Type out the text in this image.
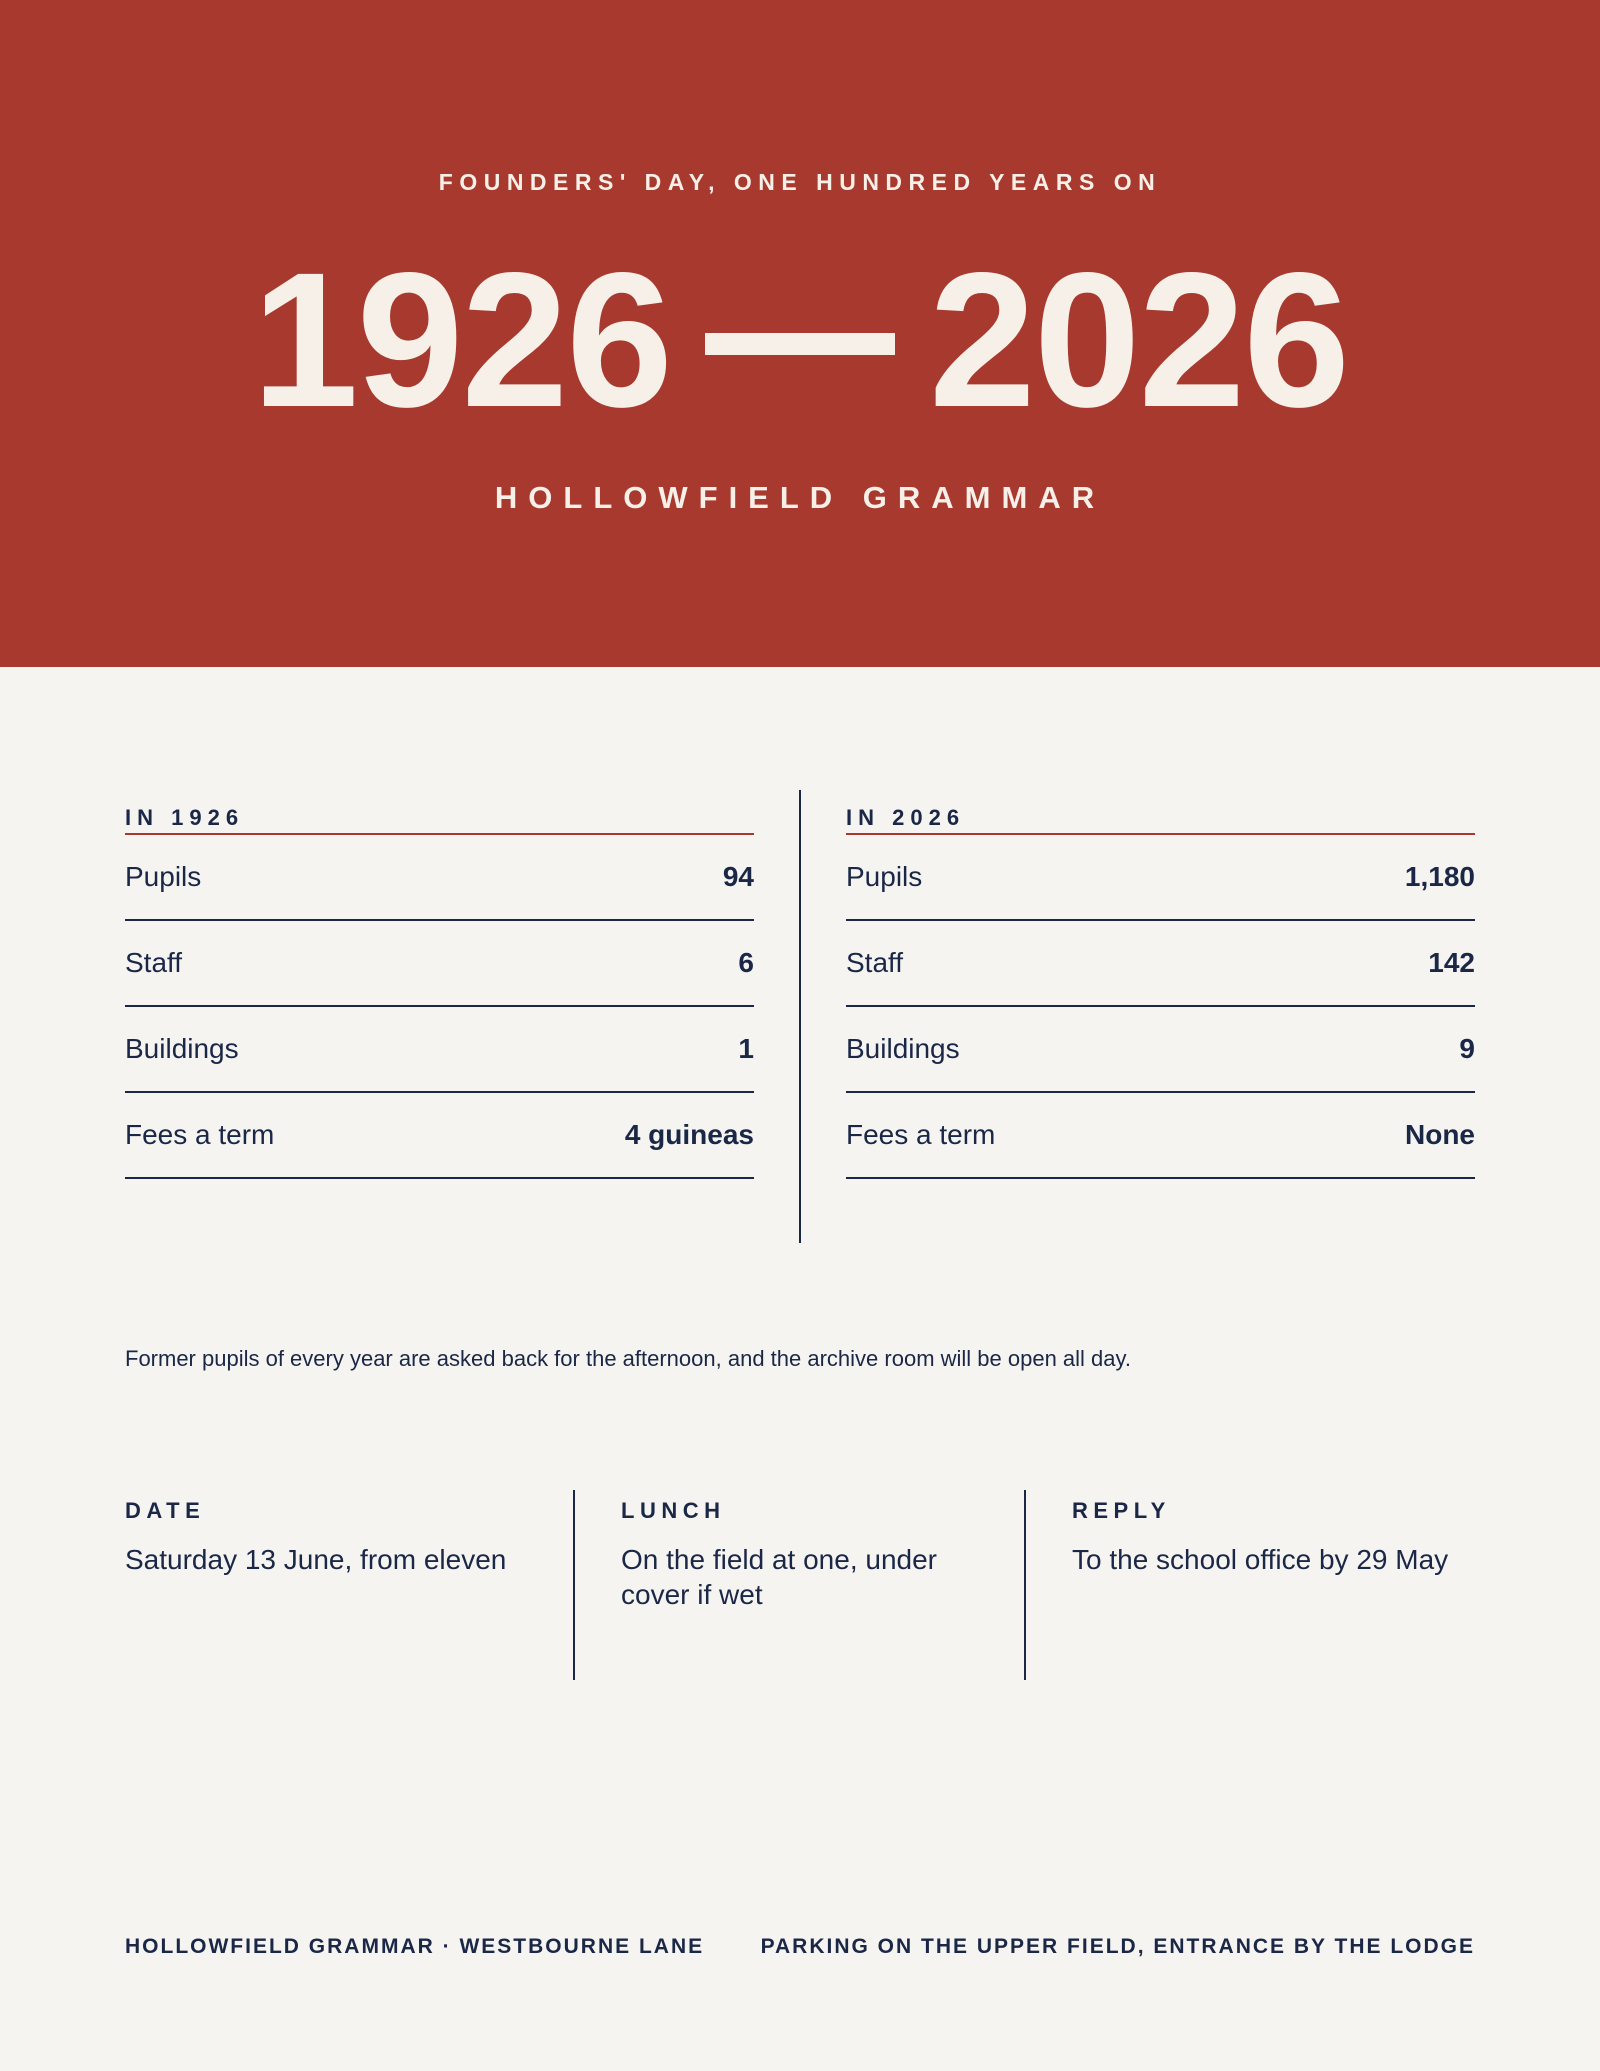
FOUNDERS' DAY, ONE HUNDRED YEARS ON
1926 2026
HOLLOWFIELD GRAMMAR
IN 1926
Pupils	94
Staff	6
Buildings	1
Fees a term	4 guineas
IN 2026
Pupils	1,180
Staff	142
Buildings	9
Fees a term	None

Former pupils of every year are asked back for the afternoon, and the archive room will be open all day.

DATE
Saturday 13 June, from eleven
LUNCH
On the field at one, under cover if wet
REPLY
To the school office by 29 May
HOLLOWFIELD GRAMMAR · WESTBOURNE LANE	PARKING ON THE UPPER FIELD, ENTRANCE BY THE LODGE
